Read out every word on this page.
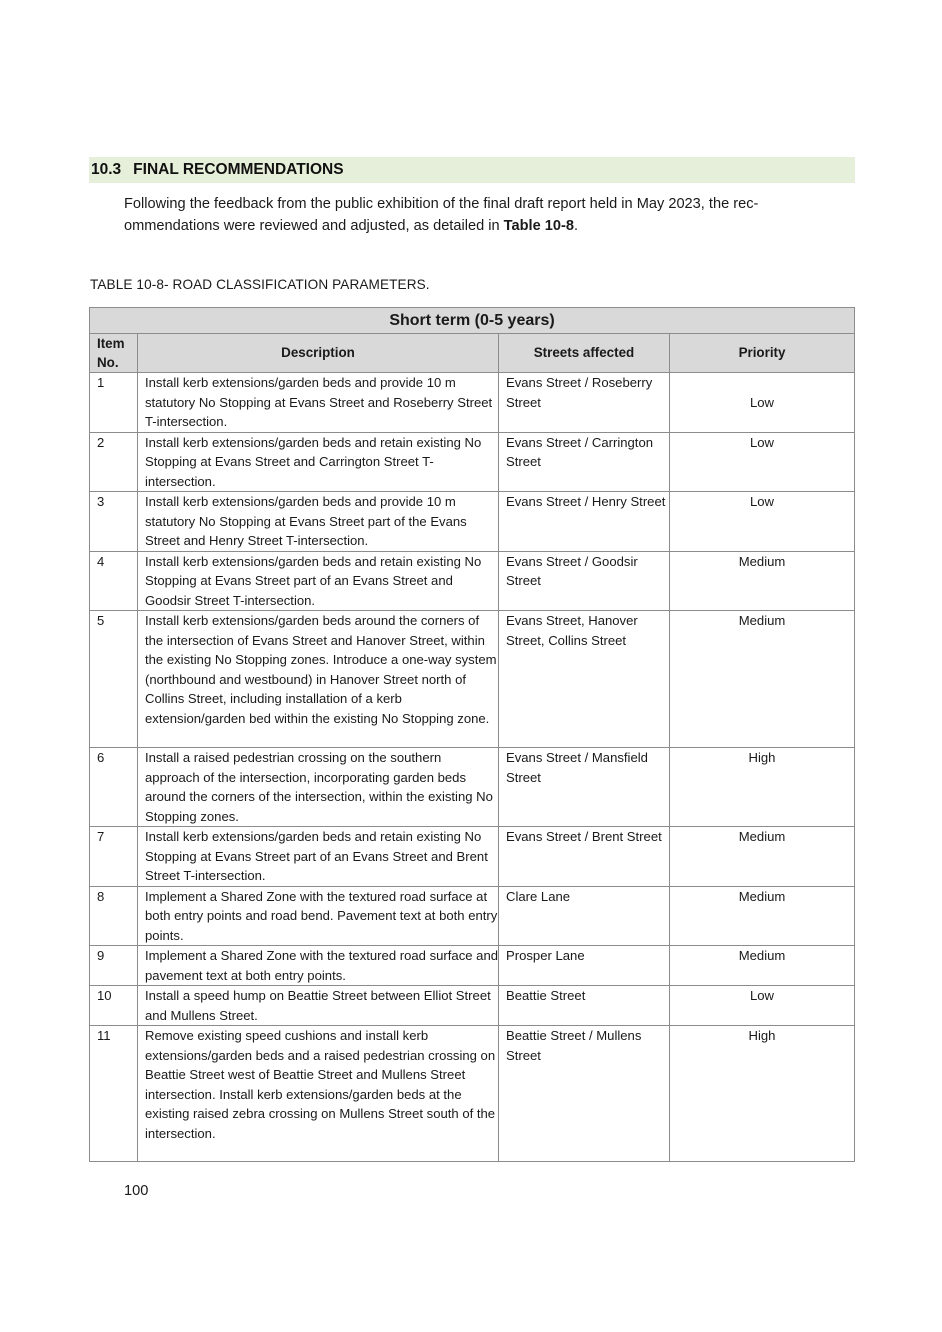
10.3 FINAL RECOMMENDATIONS
Following the feedback from the public exhibition of the final draft report held in May 2023, the rec-ommendations were reviewed and adjusted, as detailed in Table 10-8.
TABLE 10-8- ROAD CLASSIFICATION PARAMETERS.
Short term (0-5 years)			
Item No.	Description	Streets affected	Priority
1	Install kerb extensions/garden beds and provide 10 m statutory No Stopping at Evans Street and Roseberry Street T-intersection.	Evans Street / Roseberry Street	Low

2	Install kerb extensions/garden beds and retain existing No Stopping at Evans Street and Carrington Street T-intersection.	Evans Street / Carrington Street	Low
3	Install kerb extensions/garden beds and provide 10 m statutory No Stopping at Evans Street part of the Evans Street and Henry Street T-intersection.	Evans Street / Henry Street	Low
4	Install kerb extensions/garden beds and retain existing No Stopping at Evans Street part of an Evans Street and Goodsir Street T-intersection.	Evans Street / Goodsir Street	Medium
5	Install kerb extensions/garden beds around the corners of the intersection of Evans Street and Hanover Street, within the existing No Stopping zones. Introduce a one-way system (northbound and westbound) in Hanover Street north of Collins Street, including installation of a kerb extension/garden bed within the existing No Stopping zone.	Evans Street, Hanover Street, Collins Street	Medium
6	Install a raised pedestrian crossing on the southern approach of the intersection, incorporating garden beds around the corners of the intersection, within the existing No Stopping zones.	Evans Street / Mansfield Street	High
7	Install kerb extensions/garden beds and retain existing No Stopping at Evans Street part of an Evans Street and Brent Street T-intersection.	Evans Street / Brent Street	Medium
8	Implement a Shared Zone with the textured road surface at both entry points and road bend. Pavement text at both entry points.	Clare Lane	Medium
9	Implement a Shared Zone with the textured road surface and pavement text at both entry points.	Prosper Lane	Medium
10	Install a speed hump on Beattie Street between Elliot Street and Mullens Street.	Beattie Street	Low
11	Remove existing speed cushions and install kerb extensions/garden beds and a raised pedestrian crossing on Beattie Street west of Beattie Street and Mullens Street intersection. Install kerb extensions/garden beds at the existing raised zebra crossing on Mullens Street south of the intersection.	Beattie Street / Mullens Street	High
100
